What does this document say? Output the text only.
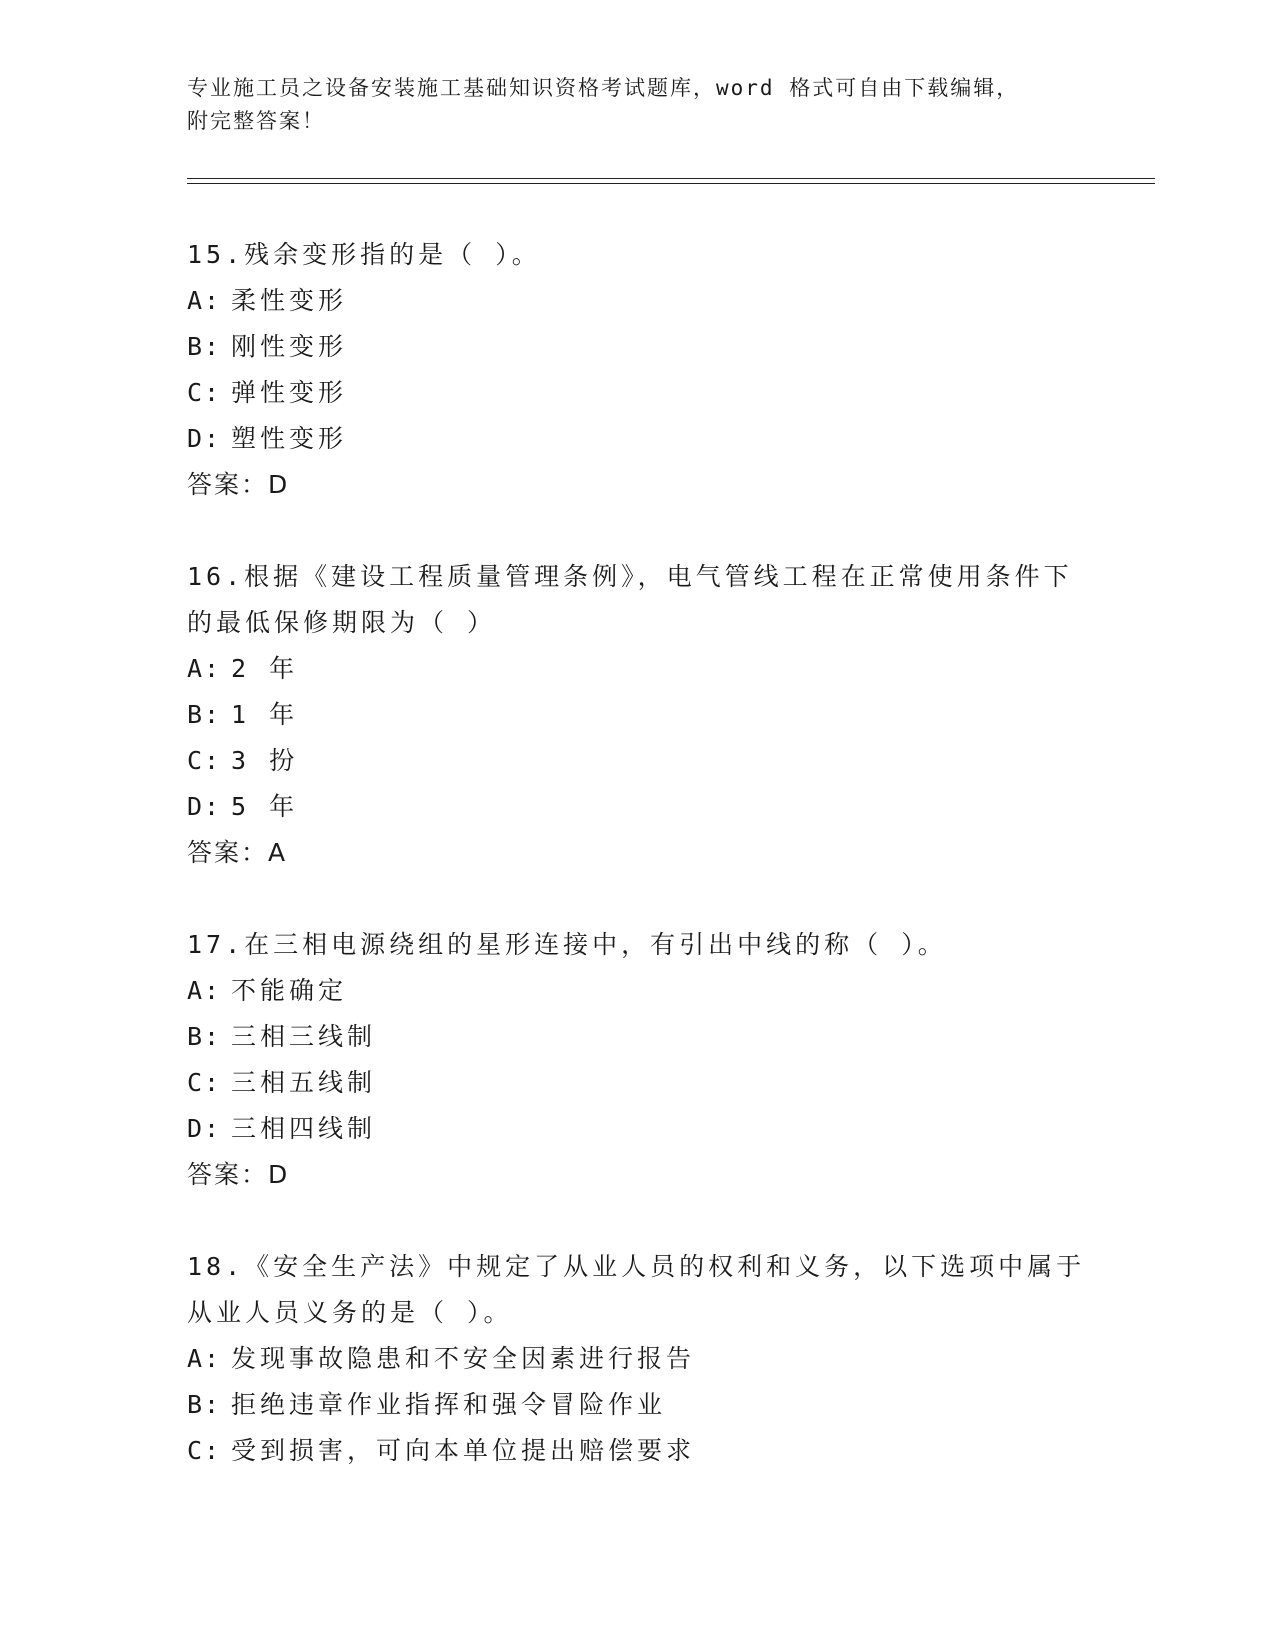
专业施工员之设备安装施工基础知识资格考试题库，word 格式可自由下载编辑，
附完整答案！
15.残余变形指的是（ ）。
A: 柔性变形
B: 刚性变形
C: 弹性变形
D: 塑性变形
答案：D
16.根据《建设工程质量管理条例》，电气管线工程在正常使用条件下的最低保修期限为（ ）
A: 2 年
B: 1 年
C: 3 扮
D: 5 年
答案：A
17.在三相电源绕组的星形连接中，有引出中线的称（ ）。
A: 不能确定
B: 三相三线制
C: 三相五线制
D: 三相四线制
答案：D
18.《安全生产法》中规定了从业人员的权利和义务，以下选项中属于从业人员义务的是（ ）。
A: 发现事故隐患和不安全因素进行报告
B: 拒绝违章作业指挥和强令冒险作业
C: 受到损害，可向本单位提出赔偿要求
